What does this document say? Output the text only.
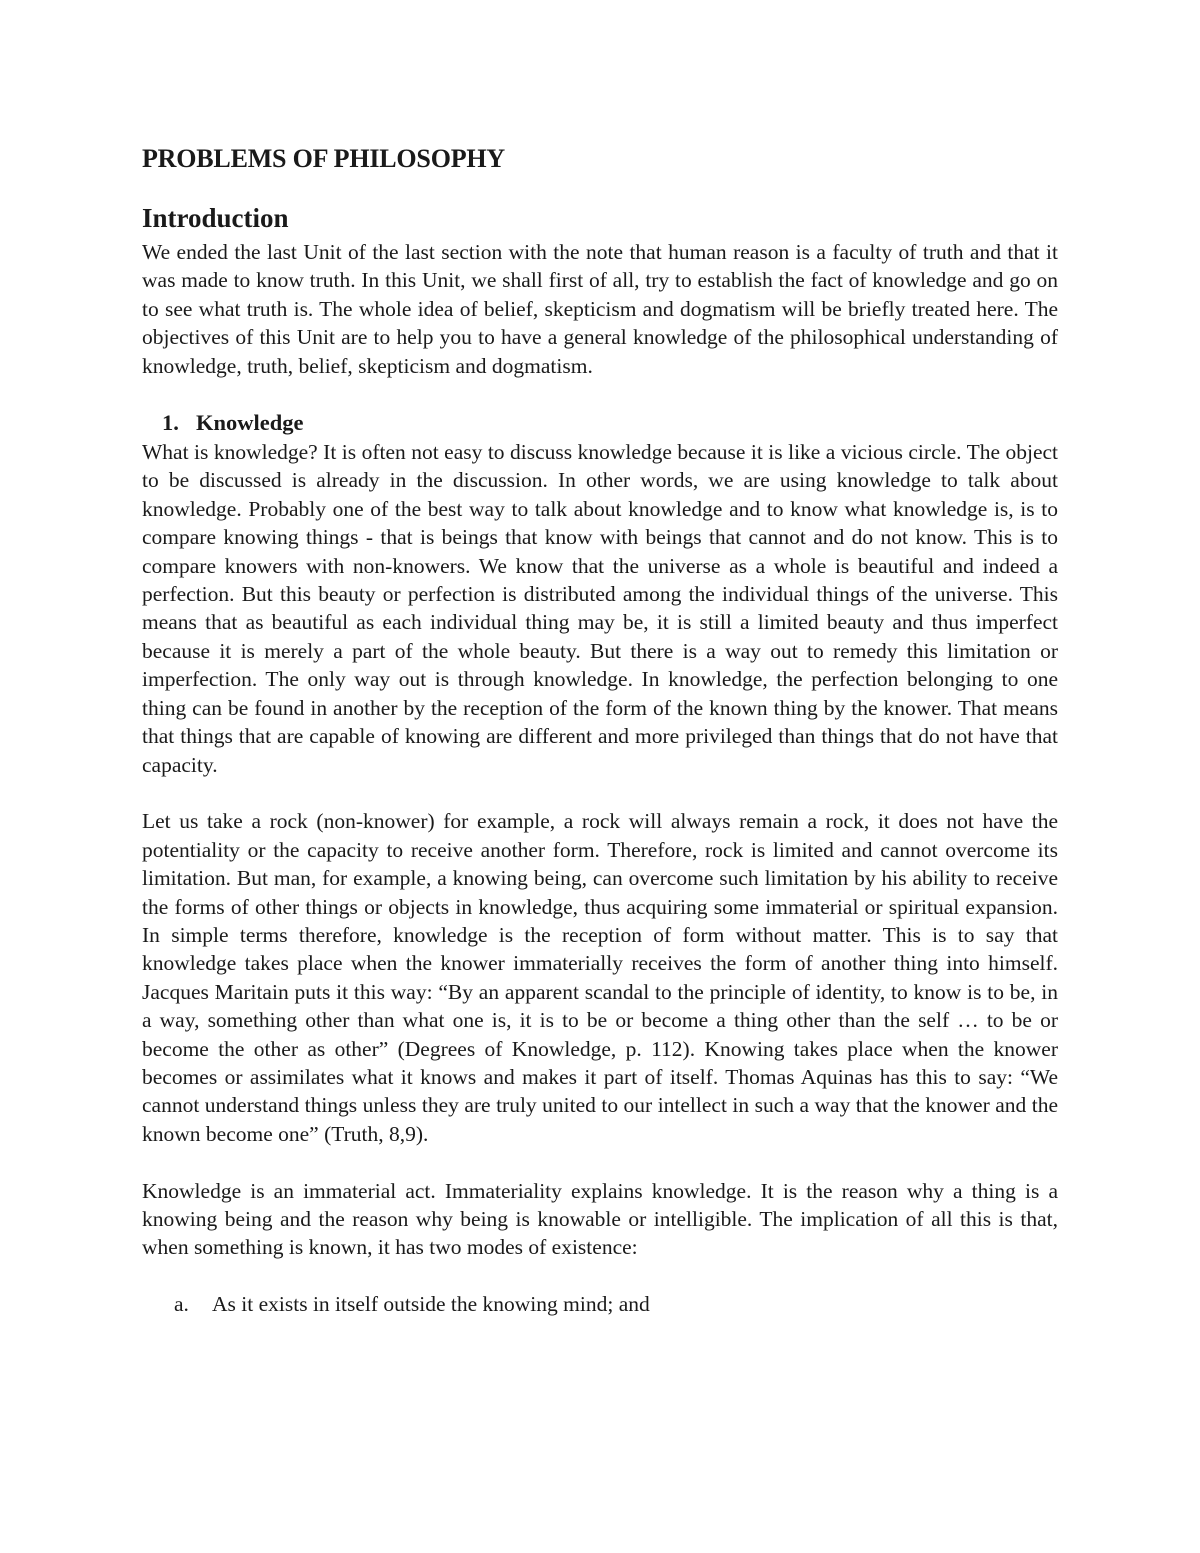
PROBLEMS OF PHILOSOPHY
Introduction

We ended the last Unit of the last section with the note that human reason is a faculty of truth and that it was made to know truth. In this Unit, we shall first of all, try to establish the fact of knowledge and go on to see what truth is. The whole idea of belief, skepticism and dogmatism will be briefly treated here. The objectives of this Unit are to help you to have a general knowledge of the philosophical understanding of knowledge, truth, belief, skepticism and dogmatism.

1. Knowledge

What is knowledge? It is often not easy to discuss knowledge because it is like a vicious circle. The object to be discussed is already in the discussion. In other words, we are using knowledge to talk about knowledge. Probably one of the best way to talk about knowledge and to know what knowledge is, is to compare knowing things - that is beings that know with beings that cannot and do not know. This is to compare knowers with non-knowers. We know that the universe as a whole is beautiful and indeed a perfection. But this beauty or perfection is distributed among the individual things of the universe. This means that as beautiful as each individual thing may be, it is still a limited beauty and thus imperfect because it is merely a part of the whole beauty. But there is a way out to remedy this limitation or imperfection. The only way out is through knowledge. In knowledge, the perfection belonging to one thing can be found in another by the reception of the form of the known thing by the knower. That means that things that are capable of knowing are different and more privileged than things that do not have that capacity.

Let us take a rock (non-knower) for example, a rock will always remain a rock, it does not have the potentiality or the capacity to receive another form. Therefore, rock is limited and cannot overcome its limitation. But man, for example, a knowing being, can overcome such limitation by his ability to receive the forms of other things or objects in knowledge, thus acquiring some immaterial or spiritual expansion. In simple terms therefore, knowledge is the reception of form without matter. This is to say that knowledge takes place when the knower immaterially receives the form of another thing into himself. Jacques Maritain puts it this way: “By an apparent scandal to the principle of identity, to know is to be, in a way, something other than what one is, it is to be or become a thing other than the self … to be or become the other as other” (Degrees of Knowledge, p. 112). Knowing takes place when the knower becomes or assimilates what it knows and makes it part of itself. Thomas Aquinas has this to say: “We cannot understand things unless they are truly united to our intellect in such a way that the knower and the known become one” (Truth, 8,9).

Knowledge is an immaterial act. Immateriality explains knowledge. It is the reason why a thing is a knowing being and the reason why being is knowable or intelligible. The implication of all this is that, when something is known, it has two modes of existence:

a. As it exists in itself outside the knowing mind; and
